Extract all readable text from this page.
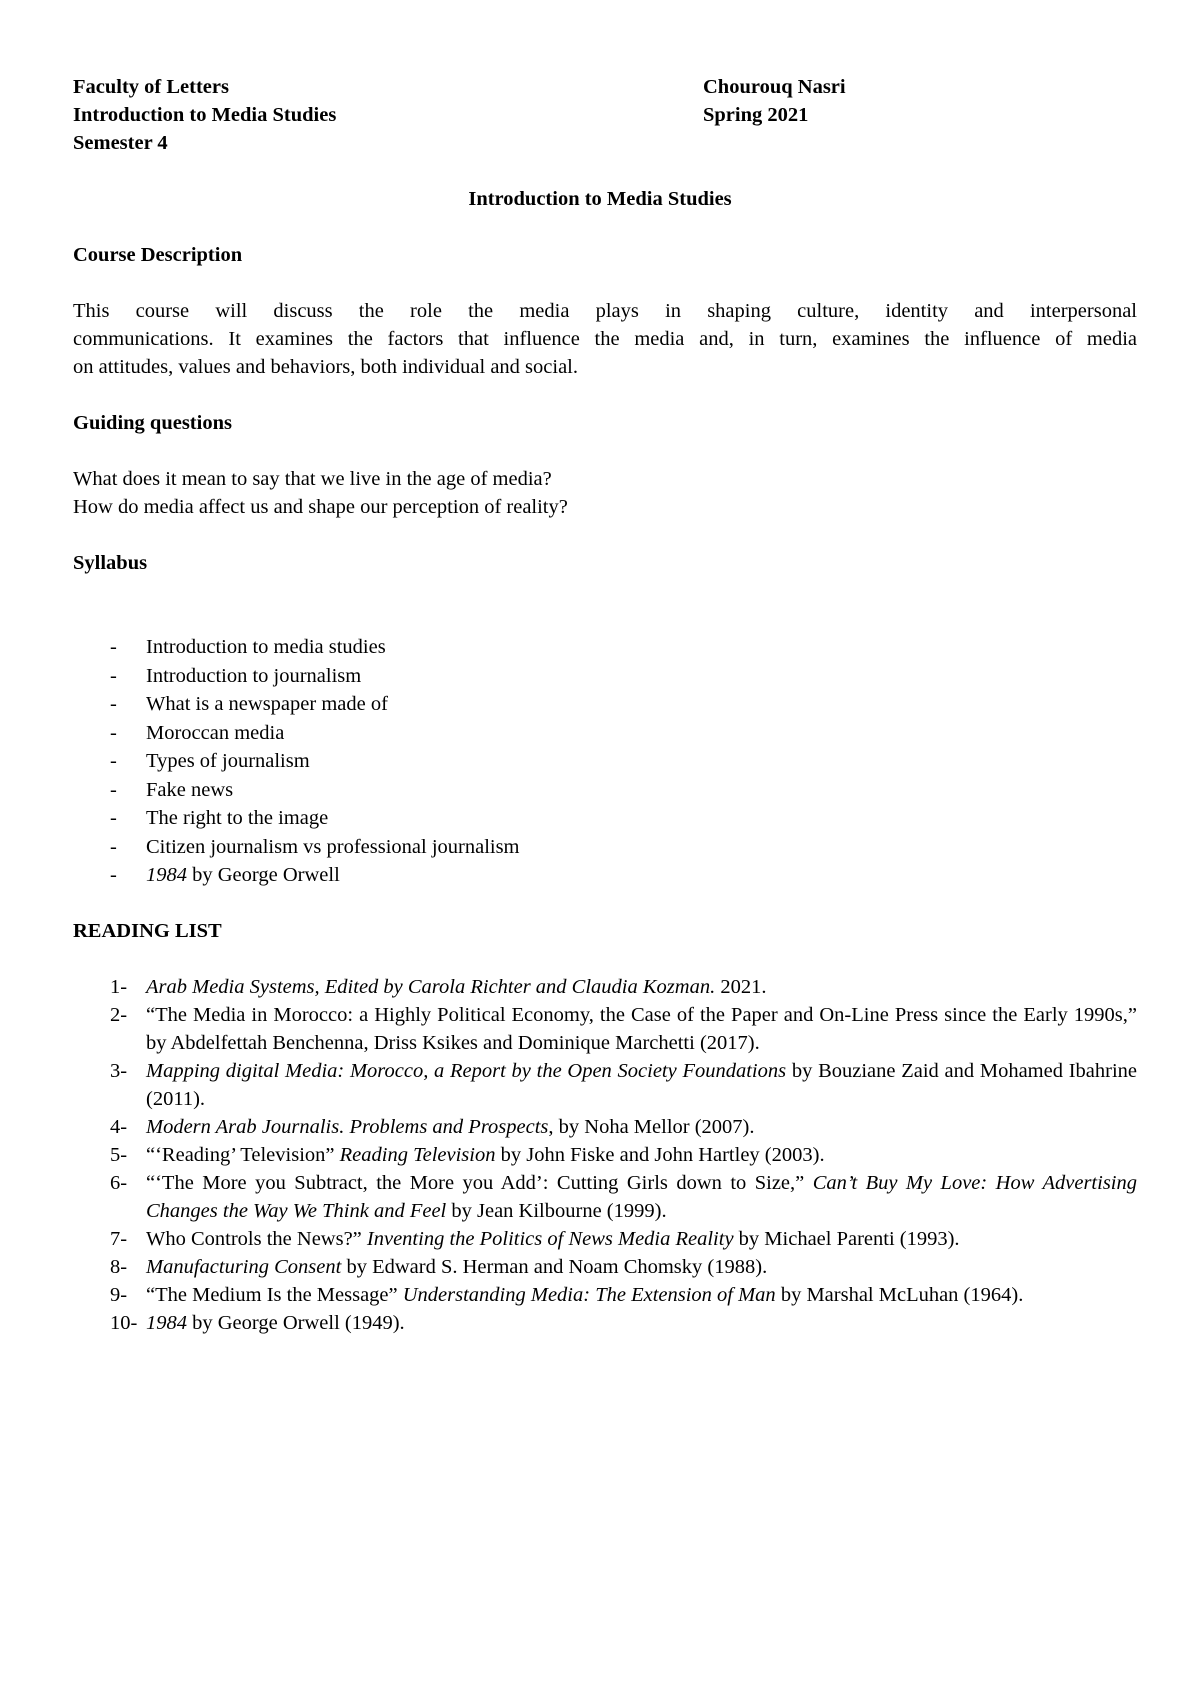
Faculty of Letters
Introduction to Media Studies
Semester 4
Chourouq Nasri
Spring 2021
Introduction to Media Studies
Course Description
This course will discuss the role the media plays in shaping culture, identity and interpersonal
communications. It examines the factors that influence the media and, in turn, examines the influence of media
on attitudes, values and behaviors, both individual and social.
Guiding questions
What does it mean to say that we live in the age of media?
How do media affect us and shape our perception of reality?
Syllabus
- Introduction to media studies
- Introduction to journalism
- What is a newspaper made of
- Moroccan media
- Types of journalism
- Fake news
- The right to the image
- Citizen journalism vs professional journalism
- 1984 by George Orwell
READING LIST
1- Arab Media Systems, Edited by Carola Richter and Claudia Kozman. 2021.
2- “The Media in Morocco: a Highly Political Economy, the Case of the Paper and On-Line Press since the Early 1990s,” by Abdelfettah Benchenna, Driss Ksikes and Dominique Marchetti (2017).
3- Mapping digital Media: Morocco, a Report by the Open Society Foundations by Bouziane Zaid and Mohamed Ibahrine (2011).
4- Modern Arab Journalis. Problems and Prospects, by Noha Mellor (2007).
5- “‘Reading’ Television” Reading Television by John Fiske and John Hartley (2003).
6- “‘The More you Subtract, the More you Add’: Cutting Girls down to Size,” Can’t Buy My Love: How Advertising Changes the Way We Think and Feel by Jean Kilbourne (1999).
7- Who Controls the News?” Inventing the Politics of News Media Reality by Michael Parenti (1993).
8- Manufacturing Consent by Edward S. Herman and Noam Chomsky (1988).
9- “The Medium Is the Message” Understanding Media: The Extension of Man by Marshal McLuhan (1964).
10- 1984 by George Orwell (1949).
